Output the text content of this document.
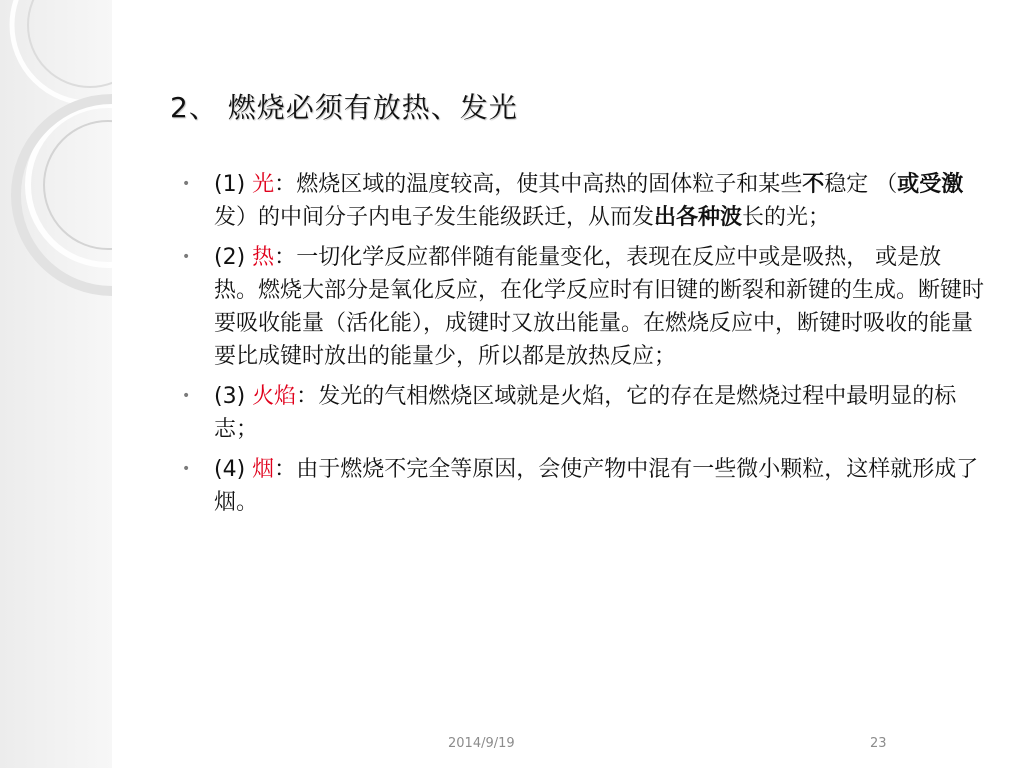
2、 燃烧必须有放热、发光
• (1) 光：燃烧区域的温度较高，使其中高热的固体粒子和某些不稳定 （或受激发）的中间分子内电子发生能级跃迁，从而发出各种波长的光；
• (2) 热：一切化学反应都伴随有能量变化，表现在反应中或是吸热， 或是放热。燃烧大部分是氧化反应，在化学反应时有旧键的断裂和新键的生成。断键时要吸收能量（活化能），成键时又放出能量。在燃烧反应中，断键时吸收的能量要比成键时放出的能量少，所以都是放热反应；
• (3) 火焰：发光的气相燃烧区域就是火焰，它的存在是燃烧过程中最明显的标志；
• (4) 烟：由于燃烧不完全等原因，会使产物中混有一些微小颗粒，这样就形成了烟。
2014/9/19	23
